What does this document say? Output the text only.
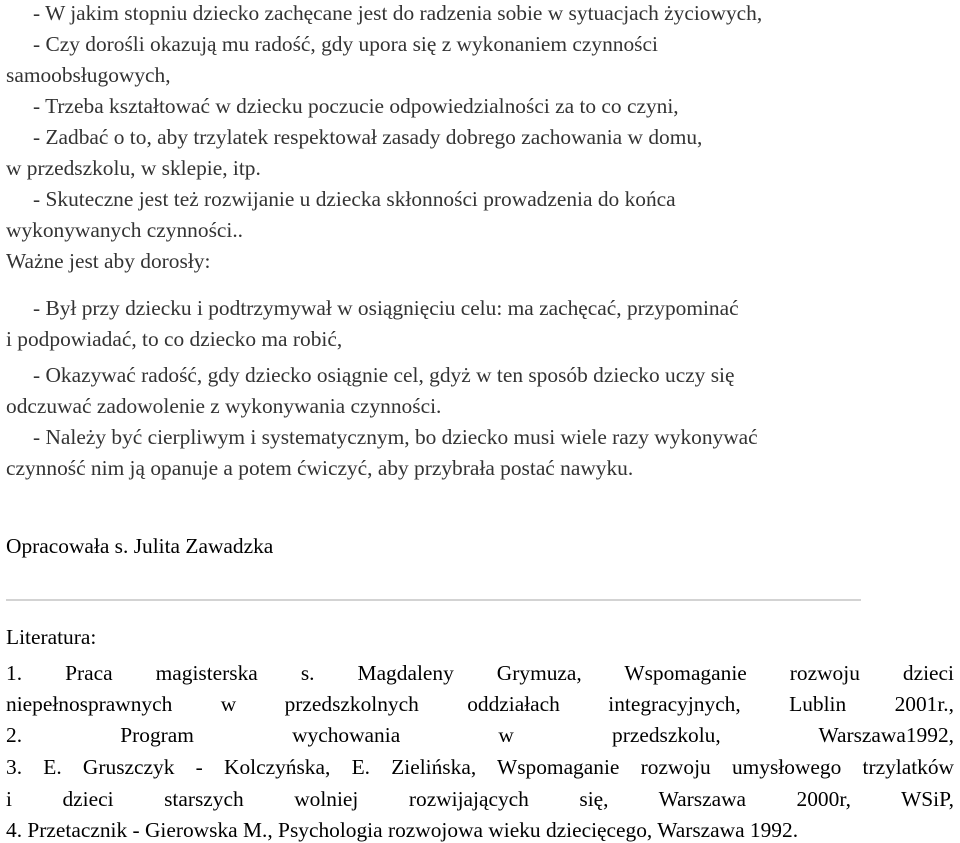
- W jakim stopniu dziecko zachęcane jest do radzenia sobie w sytuacjach życiowych,
- Czy dorośli okazują mu radość, gdy upora się z wykonaniem czynności
samoobsługowych,
- Trzeba kształtować w dziecku poczucie odpowiedzialności za to co czyni,
- Zadbać o to, aby trzylatek respektował zasady dobrego zachowania w domu,
w przedszkolu, w sklepie, itp.
- Skuteczne jest też rozwijanie u dziecka skłonności prowadzenia do końca
wykonywanych czynności..
Ważne jest aby dorosły:
- Był przy dziecku i podtrzymywał w osiągnięciu celu: ma zachęcać, przypominać
i podpowiadać, to co dziecko ma robić,
- Okazywać radość, gdy dziecko osiągnie cel, gdyż w ten sposób dziecko uczy się
odczuwać zadowolenie z wykonywania czynności.
- Należy być cierpliwym i systematycznym, bo dziecko musi wiele razy wykonywać
czynność nim ją opanuje a potem ćwiczyć, aby przybrała postać nawyku.
Opracowała s. Julita Zawadzka
Literatura:
1. Praca magisterska s. Magdaleny Grymuza, Wspomaganie rozwoju dzieci
niepełnosprawnych w przedszkolnych oddziałach integracyjnych, Lublin 2001r.,
2. Program wychowania w przedszkolu, Warszawa1992,
3. E. Gruszczyk - Kolczyńska, E. Zielińska, Wspomaganie rozwoju umysłowego trzylatków
i dzieci starszych wolniej rozwijających się, Warszawa 2000r, WSiP,
4. Przetacznik - Gierowska M., Psychologia rozwojowa wieku dziecięcego, Warszawa 1992.
